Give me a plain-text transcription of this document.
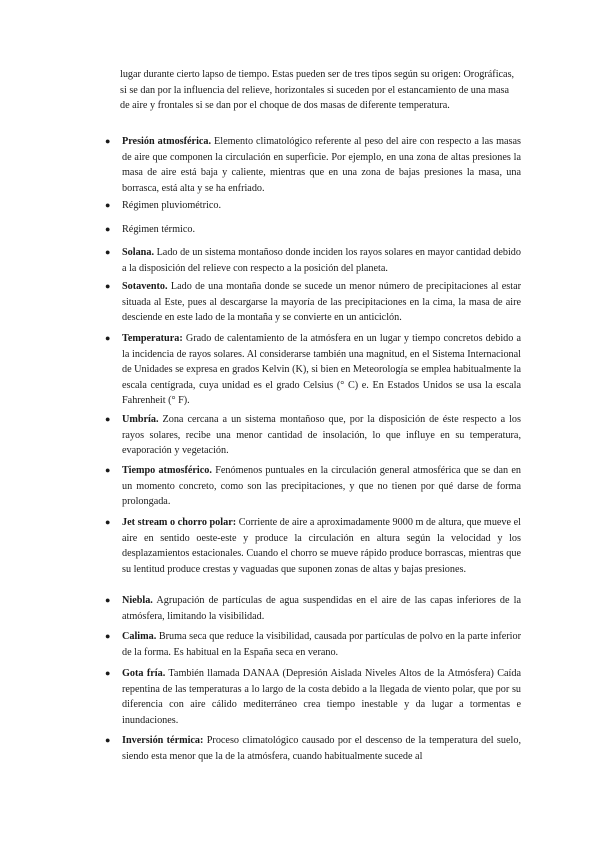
lugar durante cierto lapso de tiempo. Estas pueden ser de tres tipos según su origen: Orográficas, si se dan por la influencia del relieve, horizontales si suceden por el estancamiento de una masa de aire y frontales si se dan por el choque de dos masas de diferente temperatura.

●	Presión atmosférica. Elemento climatológico referente al peso del aire con respecto a las masas de aire que componen la circulación en superficie. Por ejemplo, en una zona de altas presiones la masa de aire está baja y caliente, mientras que en una zona de bajas presiones la masa, una borrasca, está alta y se ha enfriado.
●	Régimen pluviométrico.
●	Régimen térmico.
●	Solana. Lado de un sistema montañoso donde inciden los rayos solares en mayor cantidad debido a la disposición del relieve con respecto a la posición del planeta.
●	Sotavento. Lado de una montaña donde se sucede un menor número de precipitaciones al estar situada al Este, pues al descargarse la mayoría de las precipitaciones en la cima, la masa de aire desciende en este lado de la montaña y se convierte en un anticiclón.
●	Temperatura: Grado de calentamiento de la atmósfera en un lugar y tiempo concretos debido a la incidencia de rayos solares. Al considerarse también una magnitud, en el Sistema Internacional de Unidades se expresa en grados Kelvin (K), si bien en Meteorología se emplea habitualmente la escala centígrada, cuya unidad es el grado Celsius (° C) e. En Estados Unidos se usa la escala Fahrenheit (° F).
●	Umbría. Zona cercana a un sistema montañoso que, por la disposición de éste respecto a los rayos solares, recibe una menor cantidad de insolación, lo que influye en su temperatura, evaporación y vegetación.
●	Tiempo atmosférico. Fenómenos puntuales en la circulación general atmosférica que se dan en un momento concreto, como son las precipitaciones, y que no tienen por qué darse de forma prolongada.
●	Jet stream o chorro polar: Corriente de aire a aproximadamente 9000 m de altura, que mueve el aire en sentido oeste-este y produce la circulación en altura según la velocidad y los desplazamientos estacionales. Cuando el chorro se mueve rápido produce borrascas, mientras que su lentitud produce crestas y vaguadas que suponen zonas de altas y bajas presiones.
●	Niebla. Agrupación de partículas de agua suspendidas en el aire de las capas inferiores de la atmósfera, limitando la visibilidad.
●	Calima. Bruma seca que reduce la visibilidad, causada por partículas de polvo en la parte inferior de la forma. Es habitual en la España seca en verano.
●	Gota fría. También llamada DANAA (Depresión Aislada Niveles Altos de la Atmósfera) Caída repentina de las temperaturas a lo largo de la costa debido a la llegada de viento polar, que por su diferencia con aire cálido mediterráneo crea tiempo inestable y da lugar a tormentas e inundaciones.
●	Inversión térmica: Proceso climatológico causado por el descenso de la temperatura del suelo, siendo esta menor que la de la atmósfera, cuando habitualmente sucede al
